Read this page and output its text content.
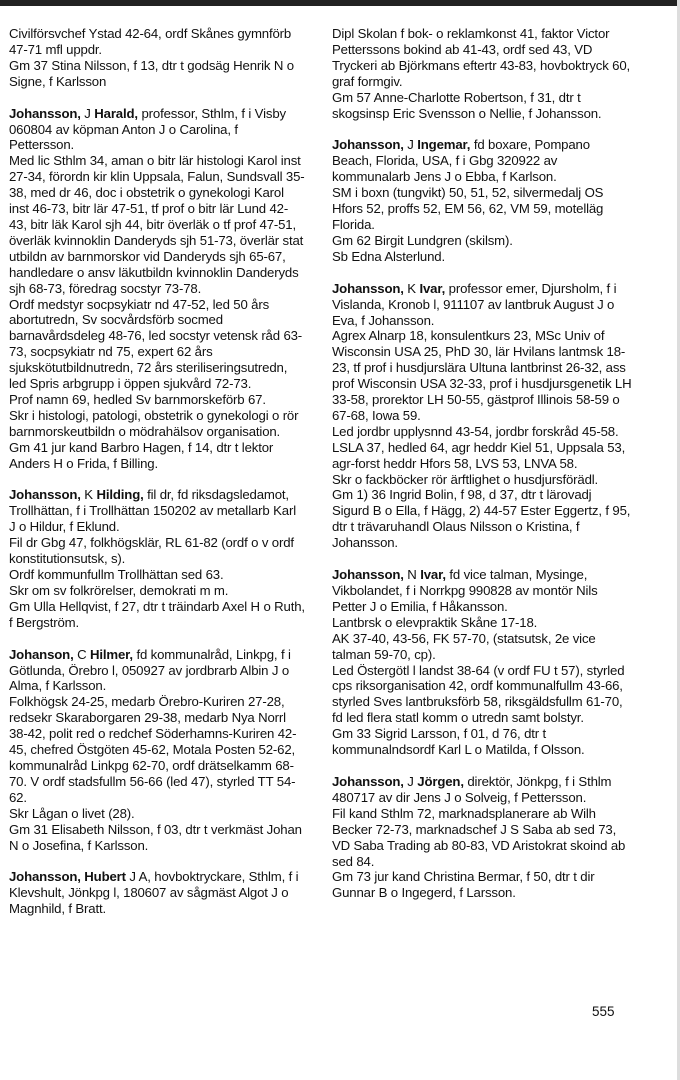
Civilförsvchef Ystad 42-64, ordf Skånes gymnförb 47-71 mfl uppdr.

Gm 37 Stina Nilsson, f 13, dtr t godsäg Henrik N o Signe, f Karlsson

Johansson, J Harald, professor, Sthlm, f i Visby 060804 av köpman Anton J o Carolina, f Pettersson.

Med lic Sthlm 34, aman o bitr lär histologi Karol inst 27-34, förordn kir klin Uppsala, Falun, Sundsvall 35-38, med dr 46, doc i obstetrik o gynekologi Karol inst 46-73, bitr lär 47-51, tf prof o bitr lär Lund 42-43, bitr läk Karol sjh 44, bitr överläk o tf prof 47-51, överläk kvinnoklin Danderyds sjh 51-73, överlär stat utbildn av barnmorskor vid Danderyds sjh 65-67, handledare o ansv läkutbildn kvinnoklin Danderyds sjh 68-73, föredrag socstyr 73-78.

Ordf medstyr socpsykiatr nd 47-52, led 50 års abortutredn, Sv socvårdsförb socmed barnavårdsdeleg 48-76, led socstyr vetensk råd 63-73, socpsykiatr nd 75, expert 62 års sjukskötutbildnutredn, 72 års steriliseringsutredn, led Spris arbgrupp i öppen sjukvård 72-73.

Prof namn 69, hedled Sv barnmorskeförb 67.

Skr i histologi, patologi, obstetrik o gynekologi o rör barnmorskeutbildn o mödrahälsov organisation.

Gm 41 jur kand Barbro Hagen, f 14, dtr t lektor Anders H o Frida, f Billing.

Johansson, K Hilding, fil dr, fd riksdagsledamot, Trollhättan, f i Trollhättan 150202 av metallarb Karl J o Hildur, f Eklund.

Fil dr Gbg 47, folkhögsklär, RL 61-82 (ordf o v ordf konstitutionsutsk, s).

Ordf kommunfullm Trollhättan sed 63.

Skr om sv folkrörelser, demokrati m m.

Gm Ulla Hellqvist, f 27, dtr t träindarb Axel H o Ruth, f Bergström.

Johanson, C Hilmer, fd kommunalråd, Linkpg, f i Götlunda, Örebro l, 050927 av jordbrarb Albin J o Alma, f Karlsson.

Folkhögsk 24-25, medarb Örebro-Kuriren 27-28, redsekr Skaraborgaren 29-38, medarb Nya Norrl 38-42, polit red o redchef Söderhamns-Kuriren 42-45, chefred Östgöten 45-62, Motala Posten 52-62, kommunalråd Linkpg 62-70, ordf drätselkamm 68-70. V ordf stadsfullm 56-66 (led 47), styrled TT 54-62.

Skr Lågan o livet (28).

Gm 31 Elisabeth Nilsson, f 03, dtr t verkmäst Johan N o Josefina, f Karlsson.

Johansson, Hubert J A, hovboktryckare, Sthlm, f i Klevshult, Jönkpg l, 180607 av sågmäst Algot J o Magnhild, f Bratt.

Dipl Skolan f bok- o reklamkonst 41, faktor Victor Petterssons bokind ab 41-43, ordf sed 43, VD Tryckeri ab Björkmans eftertr 43-83, hovboktryck 60, graf formgiv.

Gm 57 Anne-Charlotte Robertson, f 31, dtr t skogsinsp Eric Svensson o Nellie, f Johansson.

Johansson, J Ingemar, fd boxare, Pompano Beach, Florida, USA, f i Gbg 320922 av kommunalarb Jens J o Ebba, f Karlson.

SM i boxn (tungvikt) 50, 51, 52, silvermedalj OS Hfors 52, proffs 52, EM 56, 62, VM 59, motelläg Florida.

Gm 62 Birgit Lundgren (skilsm).

Sb Edna Alsterlund.

Johansson, K Ivar, professor emer, Djursholm, f i Vislanda, Kronob l, 911107 av lantbruk August J o Eva, f Johansson.

Agrex Alnarp 18, konsulentkurs 23, MSc Univ of Wisconsin USA 25, PhD 30, lär Hvilans lantmsk 18-23, tf prof i husdjurslära Ultuna lantbrinst 26-32, ass prof Wisconsin USA 32-33, prof i husdjursgenetik LH 33-58, prorektor LH 50-55, gästprof Illinois 58-59 o 67-68, Iowa 59.

Led jordbr upplysnnd 43-54, jordbr forskråd 45-58.

LSLA 37, hedled 64, agr heddr Kiel 51, Uppsala 53, agr-forst heddr Hfors 58, LVS 53, LNVA 58.

Skr o fackböcker rör ärftlighet o husdjursförädl.

Gm 1) 36 Ingrid Bolin, f 98, d 37, dtr t lärovadj Sigurd B o Ella, f Hägg, 2) 44-57 Ester Eggertz, f 95, dtr t trävaruhandl Olaus Nilsson o Kristina, f Johansson.

Johansson, N Ivar, fd vice talman, Mysinge, Vikbolandet, f i Norrkpg 990828 av montör Nils Petter J o Emilia, f Håkansson.

Lantbrsk o elevpraktik Skåne 17-18.

AK 37-40, 43-56, FK 57-70, (statsutsk, 2e vice talman 59-70, cp).

Led Östergötl l landst 38-64 (v ordf FU t 57), styrled cps riksorganisation 42, ordf kommunalfullm 43-66, styrled Sves lantbruksförb 58, riksgäldsfullm 61-70, fd led flera statl komm o utredn samt bolstyr.

Gm 33 Sigrid Larsson, f 01, d 76, dtr t kommunalndsordf Karl L o Matilda, f Olsson.

Johansson, J Jörgen, direktör, Jönkpg, f i Sthlm 480717 av dir Jens J o Solveig, f Pettersson.

Fil kand Sthlm 72, marknadsplanerare ab Wilh Becker 72-73, marknadschef J S Saba ab sed 73, VD Saba Trading ab 80-83, VD Aristokrat skoind ab sed 84.

Gm 73 jur kand Christina Bermar, f 50, dtr t dir Gunnar B o Ingegerd, f Larsson.

555
